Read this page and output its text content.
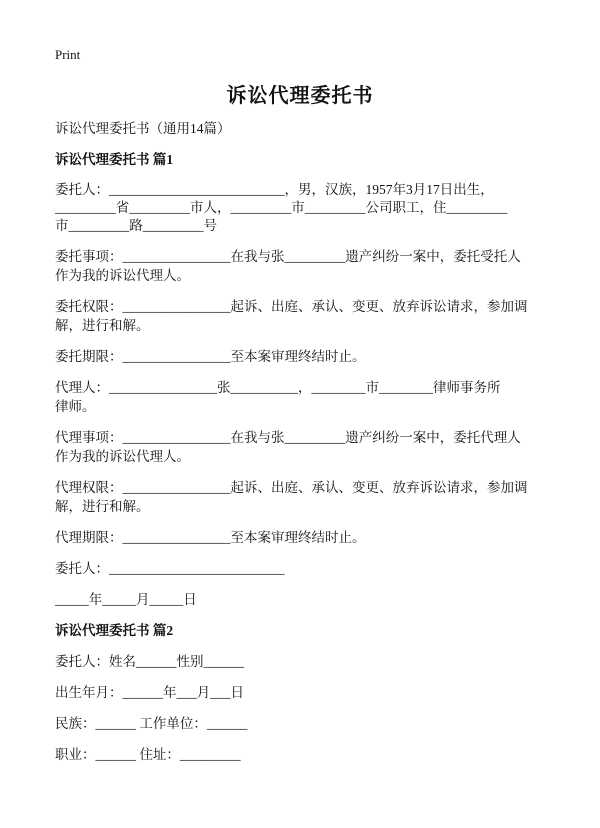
Print
诉讼代理委托书
诉讼代理委托书（通用14篇）
诉讼代理委托书 篇1
委托人：__________________________，男，汉族，1957年3月17日出生，
_________省_________市人，_________市_________公司职工，住_________
市_________路_________号
委托事项：________________在我与张_________遗产纠纷一案中，委托受托人
作为我的诉讼代理人。
委托权限：________________起诉、出庭、承认、变更、放弃诉讼请求，参加调
解，进行和解。
委托期限：________________至本案审理终结时止。
代理人：________________张__________，________市________律师事务所
律师。
代理事项：________________在我与张_________遗产纠纷一案中，委托代理人
作为我的诉讼代理人。
代理权限：________________起诉、出庭、承认、变更、放弃诉讼请求，参加调
解，进行和解。
代理期限：________________至本案审理终结时止。
委托人：__________________________
_____年_____月_____日
诉讼代理委托书 篇2
委托人：姓名______性别______
出生年月：______年___月___日
民族：______ 工作单位：______
职业：______ 住址：_________
